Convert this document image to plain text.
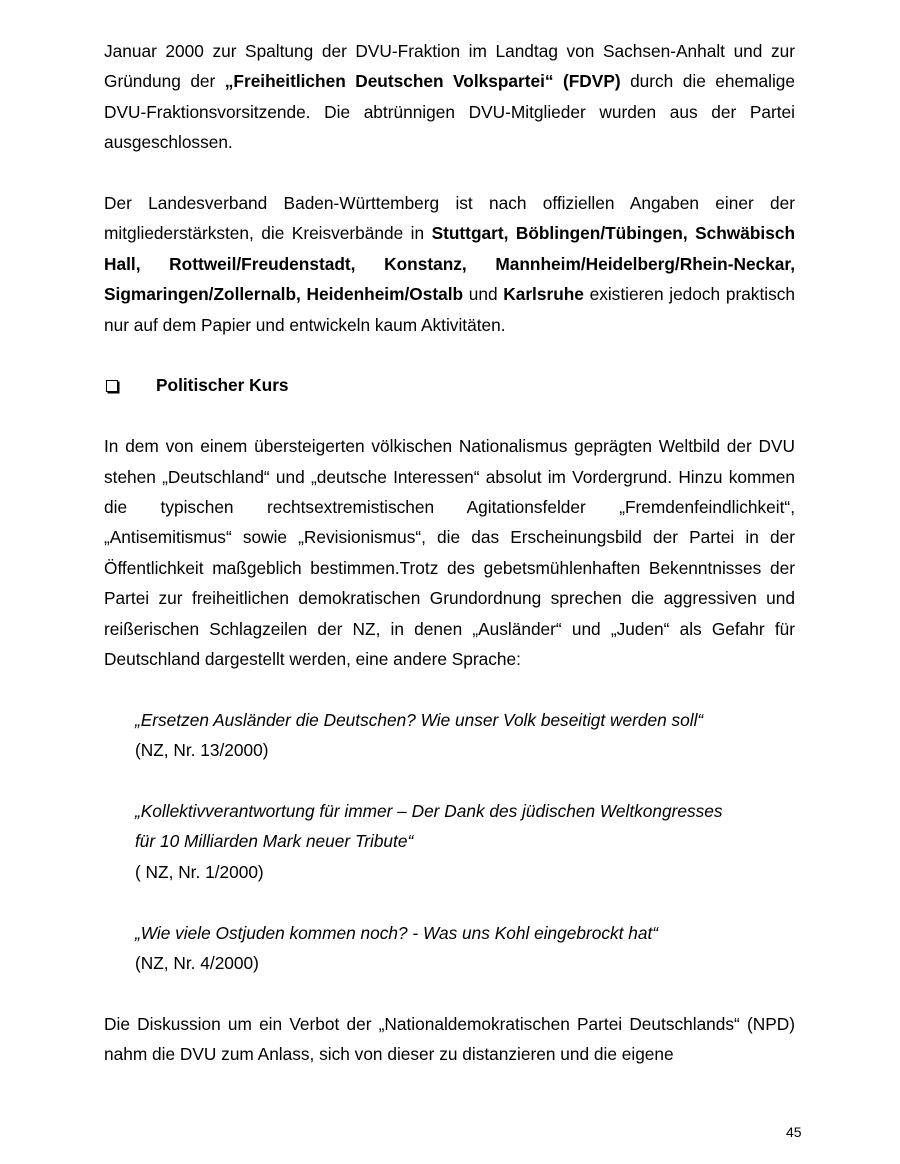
Januar 2000 zur Spaltung der DVU-Fraktion im Landtag von Sachsen-Anhalt und zur Gründung der „Freiheitlichen Deutschen Volkspartei“ (FDVP) durch die ehemalige DVU-Fraktionsvorsitzende. Die abtrünnigen DVU-Mitglieder wurden aus der Partei ausgeschlossen.

Der Landesverband Baden-Württemberg ist nach offiziellen Angaben einer der mitgliederstärksten, die Kreisverbände in Stuttgart, Böblingen/Tübingen, Schwäbisch Hall, Rottweil/Freudenstadt, Konstanz, Mannheim/Heidelberg/Rhein-Neckar, Sigmaringen/Zollernalb, Heidenheim/Ostalb und Karlsruhe existieren jedoch praktisch nur auf dem Papier und entwickeln kaum Aktivitäten.

Politischer Kurs

In dem von einem übersteigerten völkischen Nationalismus geprägten Weltbild der DVU stehen „Deutschland“ und „deutsche Interessen“ absolut im Vordergrund. Hinzu kommen die typischen rechtsextremistischen Agitationsfelder „Fremdenfeindlichkeit“, „Antisemitismus“ sowie „Revisionismus“, die das Erscheinungsbild der Partei in der Öffentlichkeit maßgeblich bestimmen.Trotz des gebetsmühlenhaften Bekenntnisses der Partei zur freiheitlichen demokratischen Grundordnung sprechen die aggressiven und reißerischen Schlagzeilen der NZ, in denen „Ausländer“ und „Juden“ als Gefahr für Deutschland dargestellt werden, eine andere Sprache:

„Ersetzen Ausländer die Deutschen? Wie unser Volk beseitigt werden soll“
(NZ, Nr. 13/2000)
„Kollektivverantwortung für immer – Der Dank des jüdischen Weltkongresses
für 10 Milliarden Mark neuer Tribute“
( NZ, Nr. 1/2000)
„Wie viele Ostjuden kommen noch? - Was uns Kohl eingebrockt hat“
(NZ, Nr. 4/2000)

Die Diskussion um ein Verbot der „Nationaldemokratischen Partei Deutschlands“ (NPD) nahm die DVU zum Anlass, sich von dieser zu distanzieren und die eigene

45
